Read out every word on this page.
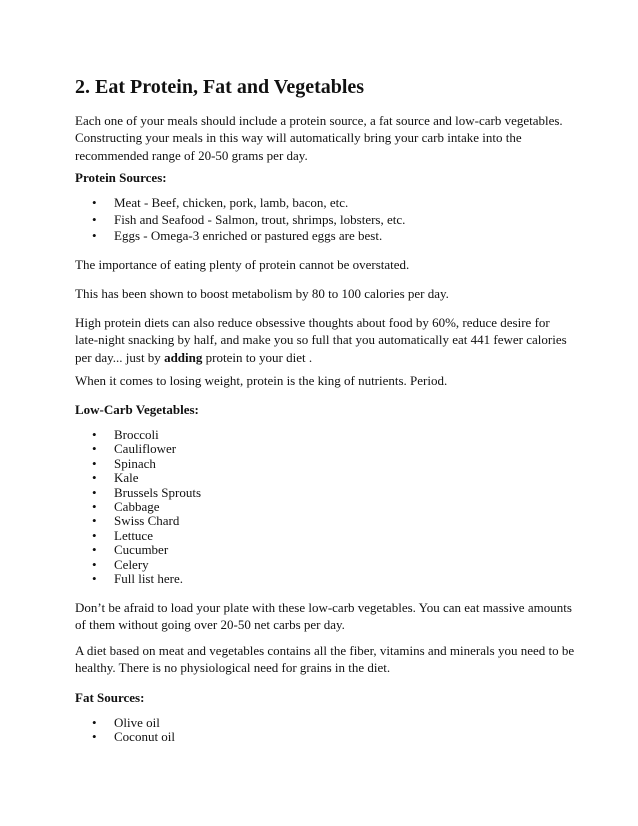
2. Eat Protein, Fat and Vegetables

Each one of your meals should include a protein source, a fat source and low-carb vegetables. Constructing your meals in this way will automatically bring your carb intake into the recommended range of 20-50 grams per day.

Protein Sources:

• Meat - Beef, chicken, pork, lamb, bacon, etc.
• Fish and Seafood - Salmon, trout, shrimps, lobsters, etc.
• Eggs - Omega-3 enriched or pastured eggs are best.

The importance of eating plenty of protein cannot be overstated.

This has been shown to boost metabolism by 80 to 100 calories per day.

High protein diets can also reduce obsessive thoughts about food by 60%, reduce desire for late-night snacking by half, and make you so full that you automatically eat 441 fewer calories per day... just by adding protein to your diet .

When it comes to losing weight, protein is the king of nutrients. Period.

Low-Carb Vegetables:

• Broccoli
• Cauliflower
• Spinach
• Kale
• Brussels Sprouts
• Cabbage
• Swiss Chard
• Lettuce
• Cucumber
• Celery
• Full list here.

Don’t be afraid to load your plate with these low-carb vegetables. You can eat massive amounts of them without going over 20-50 net carbs per day.

A diet based on meat and vegetables contains all the fiber, vitamins and minerals you need to be healthy. There is no physiological need for grains in the diet.

Fat Sources:

• Olive oil
• Coconut oil
